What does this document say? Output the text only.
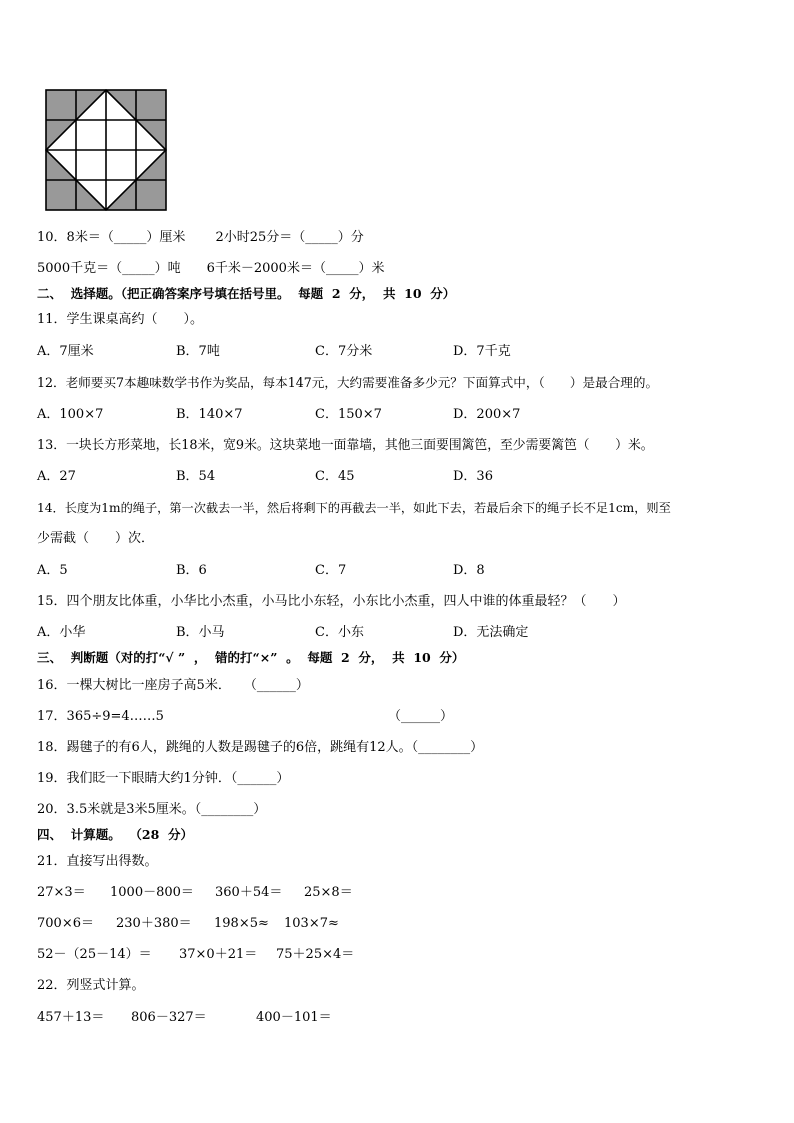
10．8米＝（_____）厘米　　 2小时25分＝（_____）分
5000千克＝（_____）吨　　6千米－2000米＝（_____）米
二、  选择题。（把正确答案序号填在括号里。  每题  2  分，  共  10  分）
11．学生课桌高约（　　）。
A．7厘米	B．7吨	C．7分米	D．7千克
12．老师要买7本趣味数学书作为奖品，每本147元，大约需要准备多少元？下面算式中，（　　）是最合理的。
A．100×7	B．140×7	C．150×7	D．200×7
13．一块长方形菜地，长18米，宽9米。这块菜地一面靠墙，其他三面要围篱笆，至少需要篱笆（　　）米。
A．27	B．54	C．45	D．36
14．长度为1m的绳子，第一次截去一半，然后将剩下的再截去一半，如此下去，若最后余下的绳子长不足1cm，则至
少需截（　　）次．
A．5	B．6	C．7	D．8
15．四个朋友比体重，小华比小杰重，小马比小东轻，小东比小杰重，四人中谁的体重最轻？（　　）
A．小华	B．小马	C．小东	D．无法确定
三、  判断题（对的打“√ ”  ，  错的打“×”  。  每题  2  分，  共  10  分）
16．一棵大树比一座房子高5米．　　（______）
17．365÷9=4……5	（______）
18．踢毽子的有6人，跳绳的人数是踢毽子的6倍，跳绳有12人。（________）
19．我们眨一下眼睛大约1分钟．（______）
20．3.5米就是3米5厘米。（________）
四、  计算题。  （28  分）
21．直接写出得数。
27×3＝ 1000－800＝ 360＋54＝ 25×8＝
700×6＝ 230＋380＝ 198×5≈ 103×7≈
52－（25－14）＝ 37×0＋21＝ 75＋25×4＝
22．列竖式计算。
457＋13＝ 806－327＝	400－101＝
